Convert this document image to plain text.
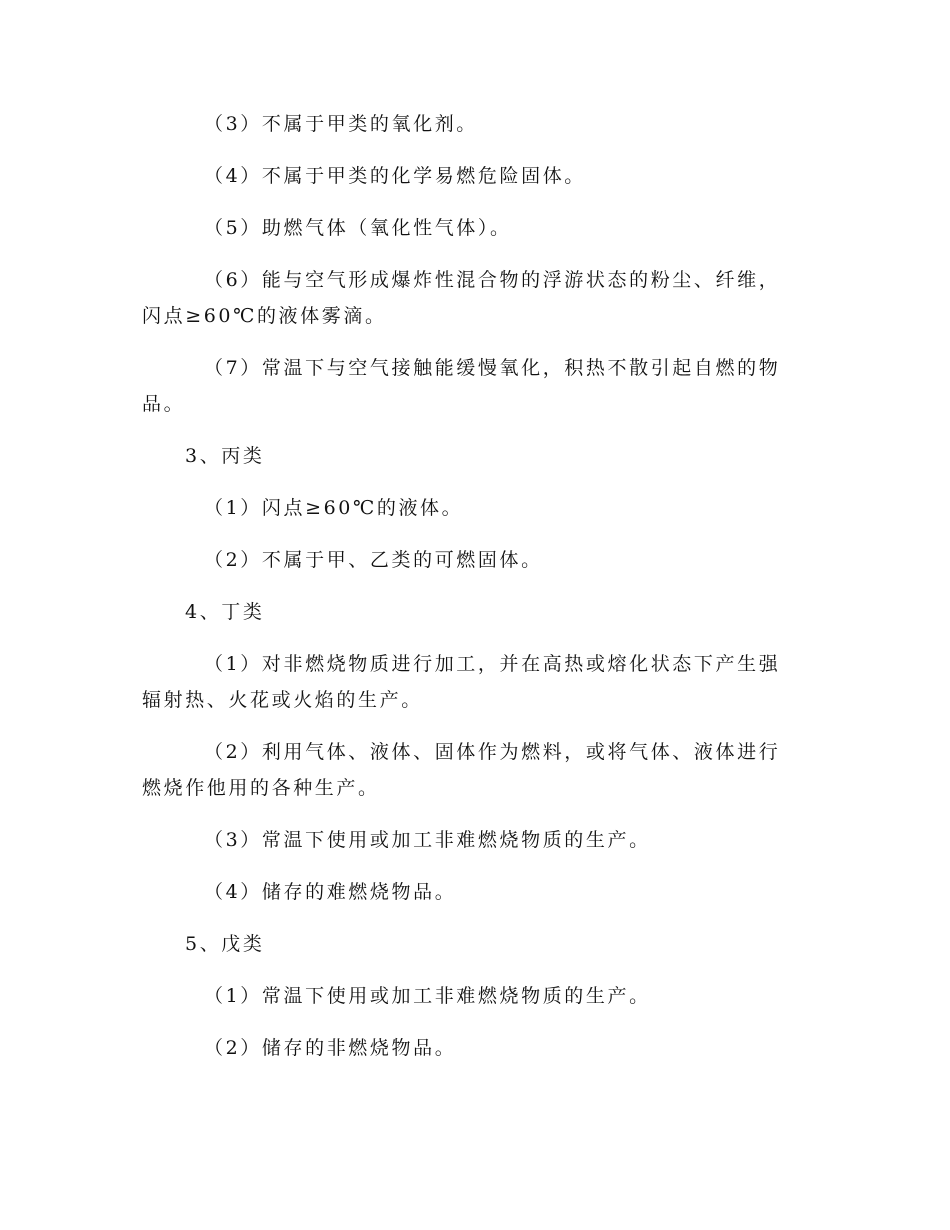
（3）不属于甲类的氧化剂。

（4）不属于甲类的化学易燃危险固体。

（5）助燃气体（氧化性气体）。

（6）能与空气形成爆炸性混合物的浮游状态的粉尘、纤维，闪点≥60℃的液体雾滴。

（7）常温下与空气接触能缓慢氧化，积热不散引起自燃的物品。

3、丙类

（1）闪点≥60℃的液体。

（2）不属于甲、乙类的可燃固体。

4、丁类

（1）对非燃烧物质进行加工，并在高热或熔化状态下产生强辐射热、火花或火焰的生产。

（2）利用气体、液体、固体作为燃料，或将气体、液体进行燃烧作他用的各种生产。

（3）常温下使用或加工非难燃烧物质的生产。

（4）储存的难燃烧物品。

5、戊类

（1）常温下使用或加工非难燃烧物质的生产。

（2）储存的非燃烧物品。
